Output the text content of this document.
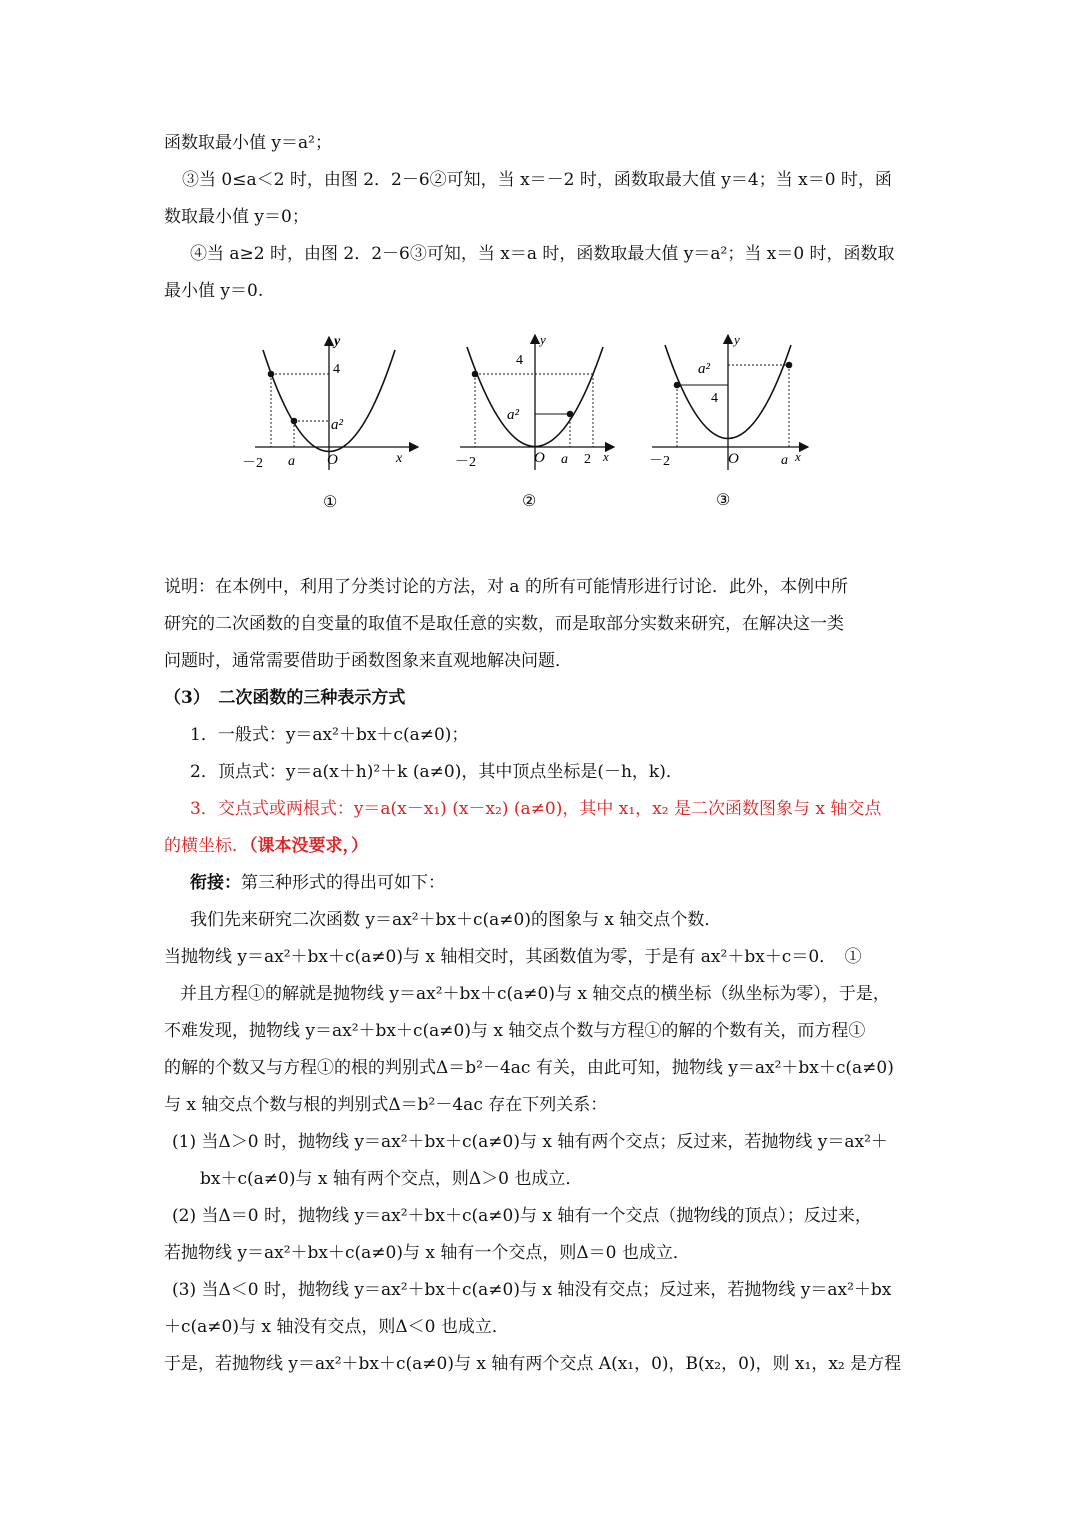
函数取最小值 y＝a²；
③当 0≤a＜2 时，由图 2．2－6②可知，当 x＝－2 时，函数取最大值 y＝4；当 x＝0 时，函
数取最小值 y＝0；
④当 a≥2 时，由图 2．2－6③可知，当 x＝a 时，函数取最大值 y＝a²；当 x＝0 时，函数取
最小值 y＝0.
y
4
a²
－2 a O	x
①
y
4
a²
－2	O a 2 x
②
y
a²
4
－2	O	a x
③
说明：在本例中，利用了分类讨论的方法，对 a 的所有可能情形进行讨论．此外，本例中所
研究的二次函数的自变量的取值不是取任意的实数，而是取部分实数来研究，在解决这一类
问题时，通常需要借助于函数图象来直观地解决问题．
（3）　二次函数的三种表示方式
1．一般式：y＝ax²＋bx＋c(a≠0)；
2．顶点式：y＝a(x＋h)²＋k (a≠0)，其中顶点坐标是(－h，k)．
3．交点式或两根式：y＝a(x－x₁) (x－x₂) (a≠0)，其中 x₁，x₂ 是二次函数图象与 x 轴交点
的横坐标．（课本没要求，）
衔接：第三种形式的得出可如下：
我们先来研究二次函数 y＝ax²＋bx＋c(a≠0)的图象与 x 轴交点个数．
当抛物线 y＝ax²＋bx＋c(a≠0)与 x 轴相交时，其函数值为零，于是有 ax²＋bx＋c＝0．　①
并且方程①的解就是抛物线 y＝ax²＋bx＋c(a≠0)与 x 轴交点的横坐标（纵坐标为零），于是，
不难发现，抛物线 y＝ax²＋bx＋c(a≠0)与 x 轴交点个数与方程①的解的个数有关，而方程①
的解的个数又与方程①的根的判别式Δ＝b²－4ac 有关，由此可知，抛物线 y＝ax²＋bx＋c(a≠0)
与 x 轴交点个数与根的判别式Δ＝b²－4ac 存在下列关系：
(1) 当Δ＞0 时，抛物线 y＝ax²＋bx＋c(a≠0)与 x 轴有两个交点；反过来，若抛物线 y＝ax²＋
bx＋c(a≠0)与 x 轴有两个交点，则Δ＞0 也成立．
(2) 当Δ＝0 时，抛物线 y＝ax²＋bx＋c(a≠0)与 x 轴有一个交点（抛物线的顶点）；反过来，
若抛物线 y＝ax²＋bx＋c(a≠0)与 x 轴有一个交点，则Δ＝0 也成立．
(3) 当Δ＜0 时，抛物线 y＝ax²＋bx＋c(a≠0)与 x 轴没有交点；反过来，若抛物线 y＝ax²＋bx
＋c(a≠0)与 x 轴没有交点，则Δ＜0 也成立．
于是，若抛物线 y＝ax²＋bx＋c(a≠0)与 x 轴有两个交点 A(x₁，0)，B(x₂，0)，则 x₁，x₂ 是方程
